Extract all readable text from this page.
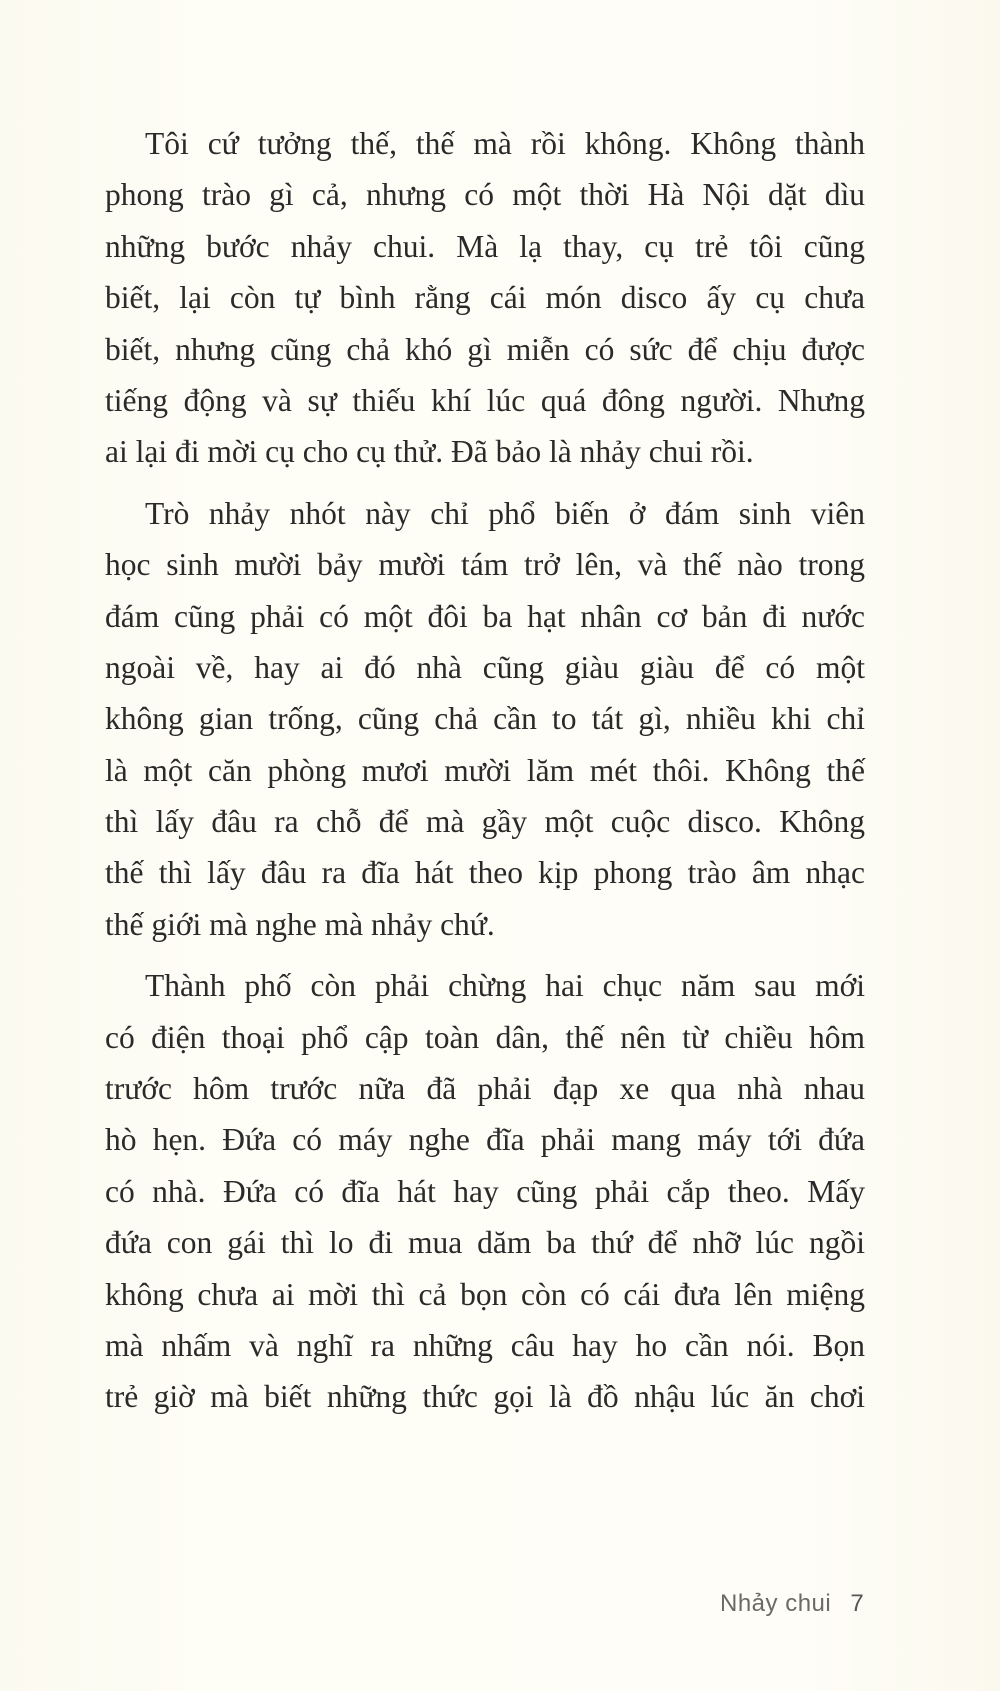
Tôi cứ tưởng thế, thế mà rồi không. Không thành
phong trào gì cả, nhưng có một thời Hà Nội dặt dìu
những bước nhảy chui. Mà lạ thay, cụ trẻ tôi cũng
biết, lại còn tự bình rằng cái món disco ấy cụ chưa
biết, nhưng cũng chả khó gì miễn có sức để chịu được
tiếng động và sự thiếu khí lúc quá đông người. Nhưng
ai lại đi mời cụ cho cụ thử. Đã bảo là nhảy chui rồi.

Trò nhảy nhót này chỉ phổ biến ở đám sinh viên
học sinh mười bảy mười tám trở lên, và thế nào trong
đám cũng phải có một đôi ba hạt nhân cơ bản đi nước
ngoài về, hay ai đó nhà cũng giàu giàu để có một
không gian trống, cũng chả cần to tát gì, nhiều khi chỉ
là một căn phòng mươi mười lăm mét thôi. Không thế
thì lấy đâu ra chỗ để mà gầy một cuộc disco. Không
thế thì lấy đâu ra đĩa hát theo kịp phong trào âm nhạc
thế giới mà nghe mà nhảy chứ.

Thành phố còn phải chừng hai chục năm sau mới
có điện thoại phổ cập toàn dân, thế nên từ chiều hôm
trước hôm trước nữa đã phải đạp xe qua nhà nhau
hò hẹn. Đứa có máy nghe đĩa phải mang máy tới đứa
có nhà. Đứa có đĩa hát hay cũng phải cắp theo. Mấy
đứa con gái thì lo đi mua dăm ba thứ để nhỡ lúc ngồi
không chưa ai mời thì cả bọn còn có cái đưa lên miệng
mà nhấm và nghĩ ra những câu hay ho cần nói. Bọn
trẻ giờ mà biết những thức gọi là đồ nhậu lúc ăn chơi

Nhảy chui 7
